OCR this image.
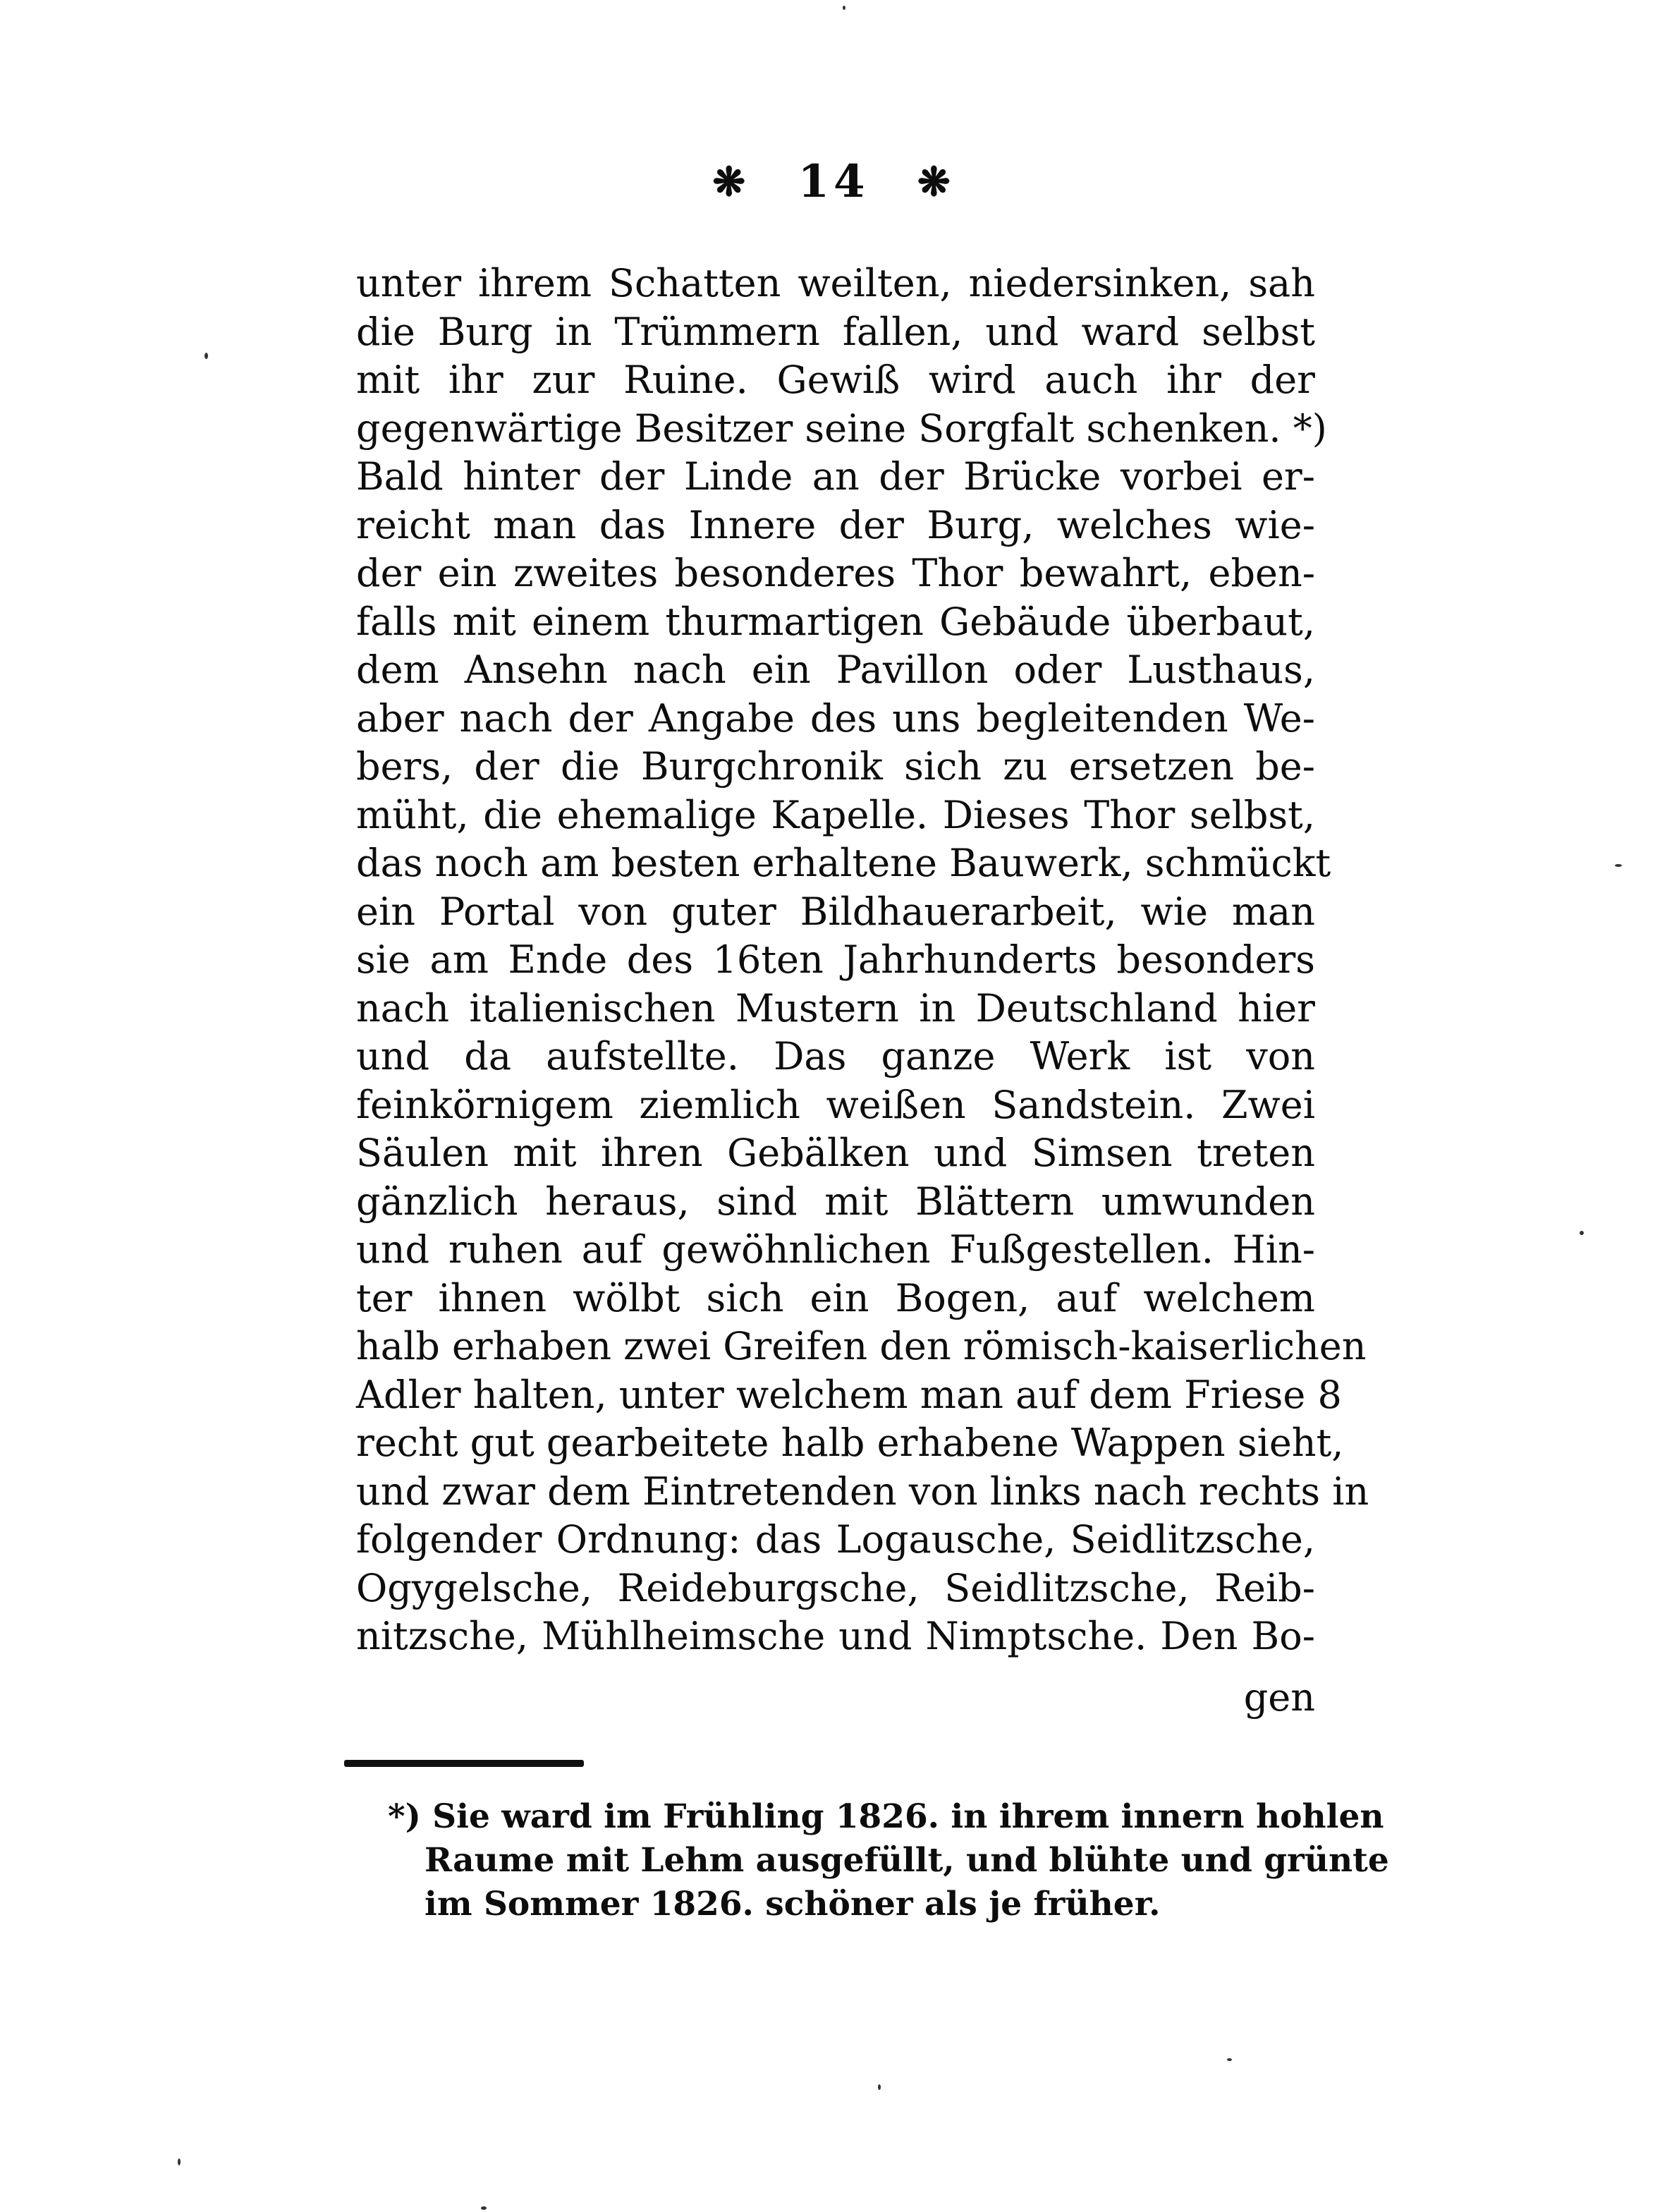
❋ 14 ❋
unter ihrem Schatten weilten, niedersinken, sah
die Burg in Trümmern fallen, und ward selbst
mit ihr zur Ruine. Gewiß wird auch ihr der
gegenwärtige Besitzer seine Sorgfalt schenken. *)
Bald hinter der Linde an der Brücke vorbei er-
reicht man das Innere der Burg, welches wie-
der ein zweites besonderes Thor bewahrt, eben-
falls mit einem thurmartigen Gebäude überbaut,
dem Ansehn nach ein Pavillon oder Lusthaus,
aber nach der Angabe des uns begleitenden We-
bers, der die Burgchronik sich zu ersetzen be-
müht, die ehemalige Kapelle. Dieses Thor selbst,
das noch am besten erhaltene Bauwerk, schmückt
ein Portal von guter Bildhauerarbeit, wie man
sie am Ende des 16ten Jahrhunderts besonders
nach italienischen Mustern in Deutschland hier
und da aufstellte. Das ganze Werk ist von
feinkörnigem ziemlich weißen Sandstein. Zwei
Säulen mit ihren Gebälken und Simsen treten
gänzlich heraus, sind mit Blättern umwunden
und ruhen auf gewöhnlichen Fußgestellen. Hin-
ter ihnen wölbt sich ein Bogen, auf welchem
halb erhaben zwei Greifen den römisch-kaiserlichen
Adler halten, unter welchem man auf dem Friese 8
recht gut gearbeitete halb erhabene Wappen sieht,
und zwar dem Eintretenden von links nach rechts in
folgender Ordnung: das Logausche, Seidlitzsche,
Ogygelsche, Reideburgsche, Seidlitzsche, Reib-
nitzsche, Mühlheimsche und Nimptsche. Den Bo-
gen
*) Sie ward im Frühling 1826. in ihrem innern hohlen
Raume mit Lehm ausgefüllt, und blühte und grünte
im Sommer 1826. schöner als je früher.
